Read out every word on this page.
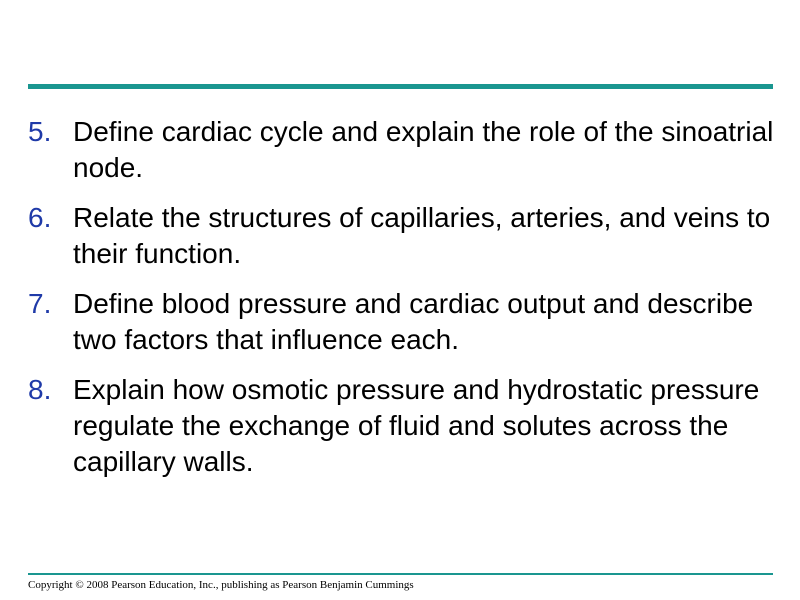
5. Define cardiac cycle and explain the role of the sinoatrial node.
6. Relate the structures of capillaries, arteries, and veins to their function.
7. Define blood pressure and cardiac output and describe two factors that influence each.
8. Explain how osmotic pressure and hydrostatic pressure regulate the exchange of fluid and solutes across the capillary walls.
Copyright © 2008 Pearson Education, Inc., publishing as Pearson Benjamin Cummings
